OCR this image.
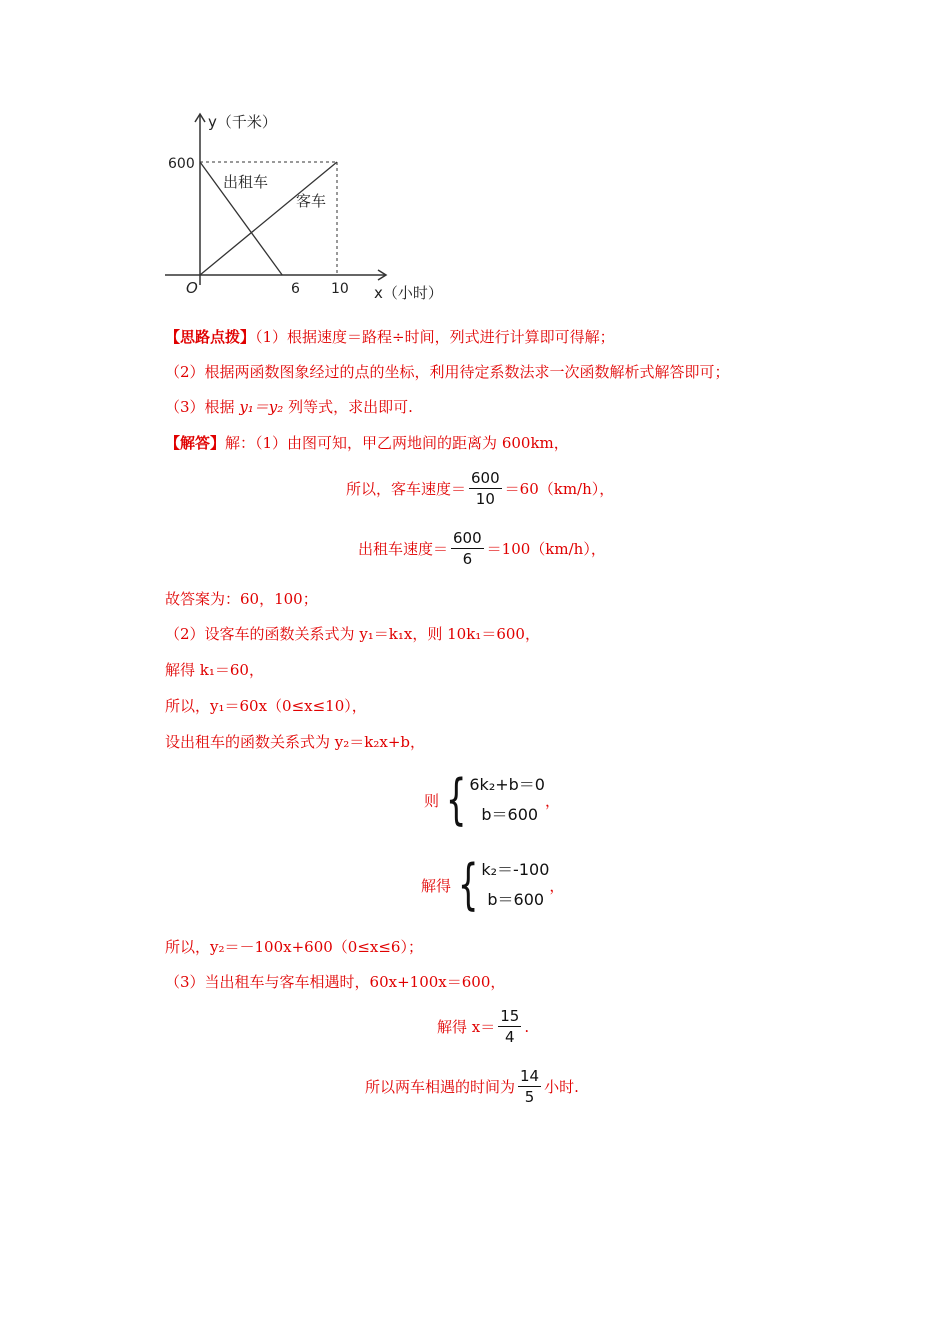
y（千米）
x（小时）
O
600
6 10
出租车
客车
【思路点拨】（1）根据速度＝路程÷时间，列式进行计算即可得解；
（2）根据两函数图象经过的点的坐标，利用待定系数法求一次函数解析式解答即可；
（3）根据 y₁＝y₂ 列等式，求出即可.
【解答】解：（1）由图可知，甲乙两地间的距离为 600km，
所以，客车速度＝ $\frac{600}{10} =60(km/h)$，
出租车速度＝ $\frac{600}{6} =100(km/h)$，
故答案为：60，100；
（2）设客车的函数关系式为 y₁＝k₁x，则 10k₁＝600，
解得 k₁＝60，
所以，y₁＝60x（0≤x≤10），
设出租车的函数关系式为 y₂＝k₂x+b，
则 { 6k₂+b＝0
b＝600
，
解得 { k₂＝-100
b＝600
，
所以，y₂＝－100x+600（0≤x≤6）；
（3）当出租车与客车相遇时，60x+100x＝600，
解得 $x= \frac{15}{4}$ .
所以两车相遇的时间为 $\frac{14}{5}$ 小时.
